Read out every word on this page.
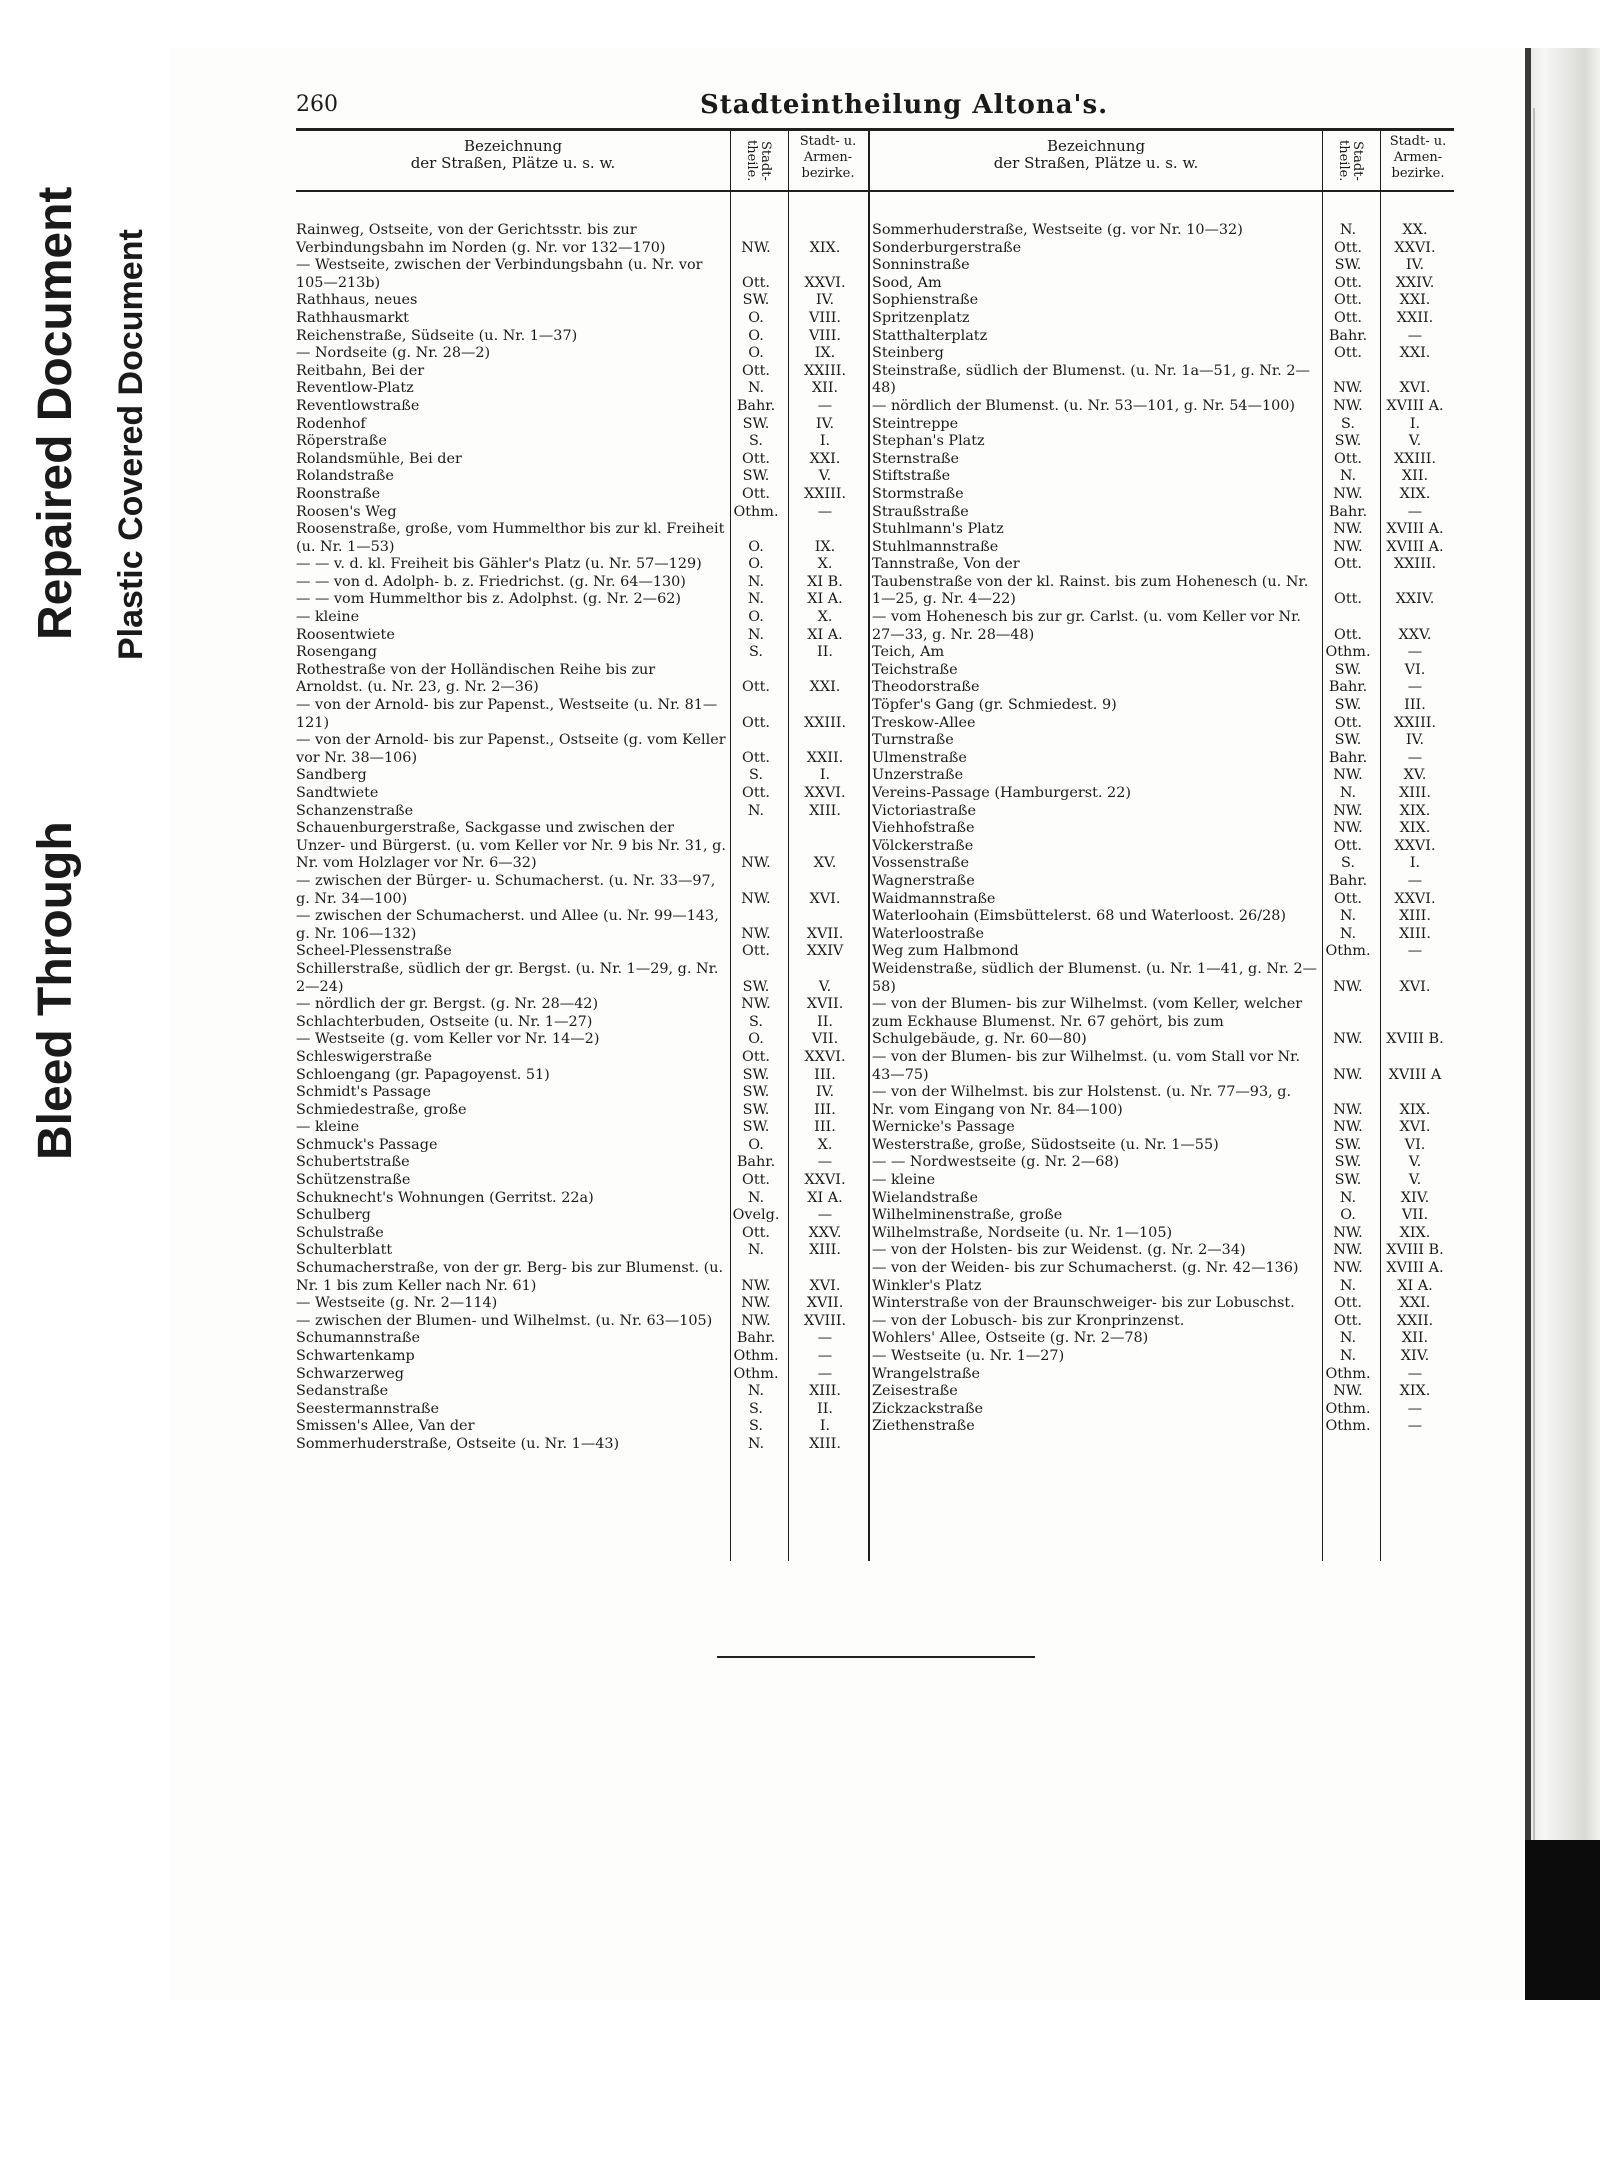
Bleed Through
Repaired Document Plastic Covered Document
260	Stadteintheilung Altona's.
Bezeichnung
der Straßen, Plätze u. s. w.	Stadt-
theile.	Stadt- u.
Armen-
bezirke.
Bezeichnung
der Straßen, Plätze u. s. w.	Stadt-
theile.	Stadt- u.
Armen-
bezirke.
Rainweg, Ostseite, von der Gerichtsstr. bis zur Verbindungsbahn im Norden (g. Nr. vor 132—170)	NW.	XIX.
— Westseite, zwischen der Verbindungsbahn (u. Nr. vor 105—213b)	Ott.	XXVI.
Rathhaus, neues	SW.	IV.
Rathhausmarkt	O.	VIII.
Reichenstraße, Südseite (u. Nr. 1—37)	O.	VIII.
— Nordseite (g. Nr. 28—2)	O.	IX.
Reitbahn, Bei der	Ott.	XXIII.
Reventlow-Platz	N.	XII.
Reventlowstraße	Bahr.	—
Rodenhof	SW.	IV.
Röperstraße	S.	I.
Rolandsmühle, Bei der	Ott.	XXI.
Rolandstraße	SW.	V.
Roonstraße	Ott.	XXIII.
Roosen's Weg	Othm.	—
Roosenstraße, große, vom Hummelthor bis zur kl. Freiheit (u. Nr. 1—53)	O.	IX.
— — v. d. kl. Freiheit bis Gähler's Platz (u. Nr. 57—129)	O.	X.
— — von d. Adolph- b. z. Friedrichst. (g. Nr. 64—130)	N.	XI B.
— — vom Hummelthor bis z. Adolphst. (g. Nr. 2—62)	N.	XI A.
— kleine	O.	X.
Roosentwiete	N.	XI A.
Rosengang	S.	II.
Rothestraße von der Holländischen Reihe bis zur Arnoldst. (u. Nr. 23, g. Nr. 2—36)	Ott.	XXI.
— von der Arnold- bis zur Papenst., Westseite (u. Nr. 81—121)	Ott.	XXIII.
— von der Arnold- bis zur Papenst., Ostseite (g. vom Keller vor Nr. 38—106)	Ott.	XXII.
Sandberg	S.	I.
Sandtwiete	Ott.	XXVI.
Schanzenstraße	N.	XIII.
Schauenburgerstraße, Sackgasse und zwischen der Unzer- und Bürgerst. (u. vom Keller vor Nr. 9 bis Nr. 31, g. Nr. vom Holzlager vor Nr. 6—32)	NW.	XV.
— zwischen der Bürger- u. Schumacherst. (u. Nr. 33—97, g. Nr. 34—100)	NW.	XVI.
— zwischen der Schumacherst. und Allee (u. Nr. 99—143, g. Nr. 106—132)	NW.	XVII.
Scheel-Plessenstraße	Ott.	XXIV
Schillerstraße, südlich der gr. Bergst. (u. Nr. 1—29, g. Nr. 2—24)	SW.	V.
— nördlich der gr. Bergst. (g. Nr. 28—42)	NW.	XVII.
Schlachterbuden, Ostseite (u. Nr. 1—27)	S.	II.
— Westseite (g. vom Keller vor Nr. 14—2)	O.	VII.
Schleswigerstraße	Ott.	XXVI.
Schloengang (gr. Papagoyenst. 51)	SW.	III.
Schmidt's Passage	SW.	IV.
Schmiedestraße, große	SW.	III.
— kleine	SW.	III.
Schmuck's Passage	O.	X.
Schubertstraße	Bahr.	—
Schützenstraße	Ott.	XXVI.
Schuknecht's Wohnungen (Gerritst. 22a)	N.	XI A.
Schulberg	Ovelg.	—
Schulstraße	Ott.	XXV.
Schulterblatt	N.	XIII.
Schumacherstraße, von der gr. Berg- bis zur Blumenst. (u. Nr. 1 bis zum Keller nach Nr. 61)	NW.	XVI.
— Westseite (g. Nr. 2—114)	NW.	XVII.
— zwischen der Blumen- und Wilhelmst. (u. Nr. 63—105)	NW.	XVIII.
Schumannstraße	Bahr.	—
Schwartenkamp	Othm.	—
Schwarzerweg	Othm.	—
Sedanstraße	N.	XIII.
Seestermannstraße	S.	II.
Smissen's Allee, Van der	S.	I.
Sommerhuderstraße, Ostseite (u. Nr. 1—43)	N.	XIII.
Sommerhuderstraße, Westseite (g. vor Nr. 10—32)	N.	XX.
Sonderburgerstraße	Ott.	XXVI.
Sonninstraße	SW.	IV.
Sood, Am	Ott.	XXIV.
Sophienstraße	Ott.	XXI.
Spritzenplatz	Ott.	XXII.
Statthalterplatz	Bahr.	—
Steinberg	Ott.	XXI.
Steinstraße, südlich der Blumenst. (u. Nr. 1a—51, g. Nr. 2—48)	NW.	XVI.
— nördlich der Blumenst. (u. Nr. 53—101, g. Nr. 54—100)	NW.	XVIII A.
Steintreppe	S.	I.
Stephan's Platz	SW.	V.
Sternstraße	Ott.	XXIII.
Stiftstraße	N.	XII.
Stormstraße	NW.	XIX.
Straußstraße	Bahr.	—
Stuhlmann's Platz	NW.	XVIII A.
Stuhlmannstraße	NW.	XVIII A.
Tannstraße, Von der	Ott.	XXIII.
Taubenstraße von der kl. Rainst. bis zum Hohenesch (u. Nr. 1—25, g. Nr. 4—22)	Ott.	XXIV.
— vom Hohenesch bis zur gr. Carlst. (u. vom Keller vor Nr. 27—33, g. Nr. 28—48)	Ott.	XXV.
Teich, Am	Othm.	—
Teichstraße	SW.	VI.
Theodorstraße	Bahr.	—
Töpfer's Gang (gr. Schmiedest. 9)	SW.	III.
Treskow-Allee	Ott.	XXIII.
Turnstraße	SW.	IV.
Ulmenstraße	Bahr.	—
Unzerstraße	NW.	XV.
Vereins-Passage (Hamburgerst. 22)	N.	XIII.
Victoriastraße	NW.	XIX.
Viehhofstraße	NW.	XIX.
Völckerstraße	Ott.	XXVI.
Vossenstraße	S.	I.
Wagnerstraße	Bahr.	—
Waidmannstraße	Ott.	XXVI.
Waterloohain (Eimsbüttelerst. 68 und Waterloost. 26/28)	N.	XIII.
Waterloostraße	N.	XIII.
Weg zum Halbmond	Othm.	—
Weidenstraße, südlich der Blumenst. (u. Nr. 1—41, g. Nr. 2—58)	NW.	XVI.
— von der Blumen- bis zur Wilhelmst. (vom Keller, welcher zum Eckhause Blumenst. Nr. 67 gehört, bis zum Schulgebäude, g. Nr. 60—80)	NW.	XVIII B.
— von der Blumen- bis zur Wilhelmst. (u. vom Stall vor Nr. 43—75)	NW.	XVIII A
— von der Wilhelmst. bis zur Holstenst. (u. Nr. 77—93, g. Nr. vom Eingang von Nr. 84—100)	NW.	XIX.
Wernicke's Passage	NW.	XVI.
Westerstraße, große, Südostseite (u. Nr. 1—55)	SW.	VI.
— — Nordwestseite (g. Nr. 2—68)	SW.	V.
— kleine	SW.	V.
Wielandstraße	N.	XIV.
Wilhelminenstraße, große	O.	VII.
Wilhelmstraße, Nordseite (u. Nr. 1—105)	NW.	XIX.
— von der Holsten- bis zur Weidenst. (g. Nr. 2—34)	NW.	XVIII B.
— von der Weiden- bis zur Schumacherst. (g. Nr. 42—136)	NW.	XVIII A.
Winkler's Platz	N.	XI A.
Winterstraße von der Braunschweiger- bis zur Lobuschst.	Ott.	XXI.
— von der Lobusch- bis zur Kronprinzenst.	Ott.	XXII.
Wohlers' Allee, Ostseite (g. Nr. 2—78)	N.	XII.
— Westseite (u. Nr. 1—27)	N.	XIV.
Wrangelstraße	Othm.	—
Zeisestraße	NW.	XIX.
Zickzackstraße	Othm.	—
Ziethenstraße	Othm.	—
